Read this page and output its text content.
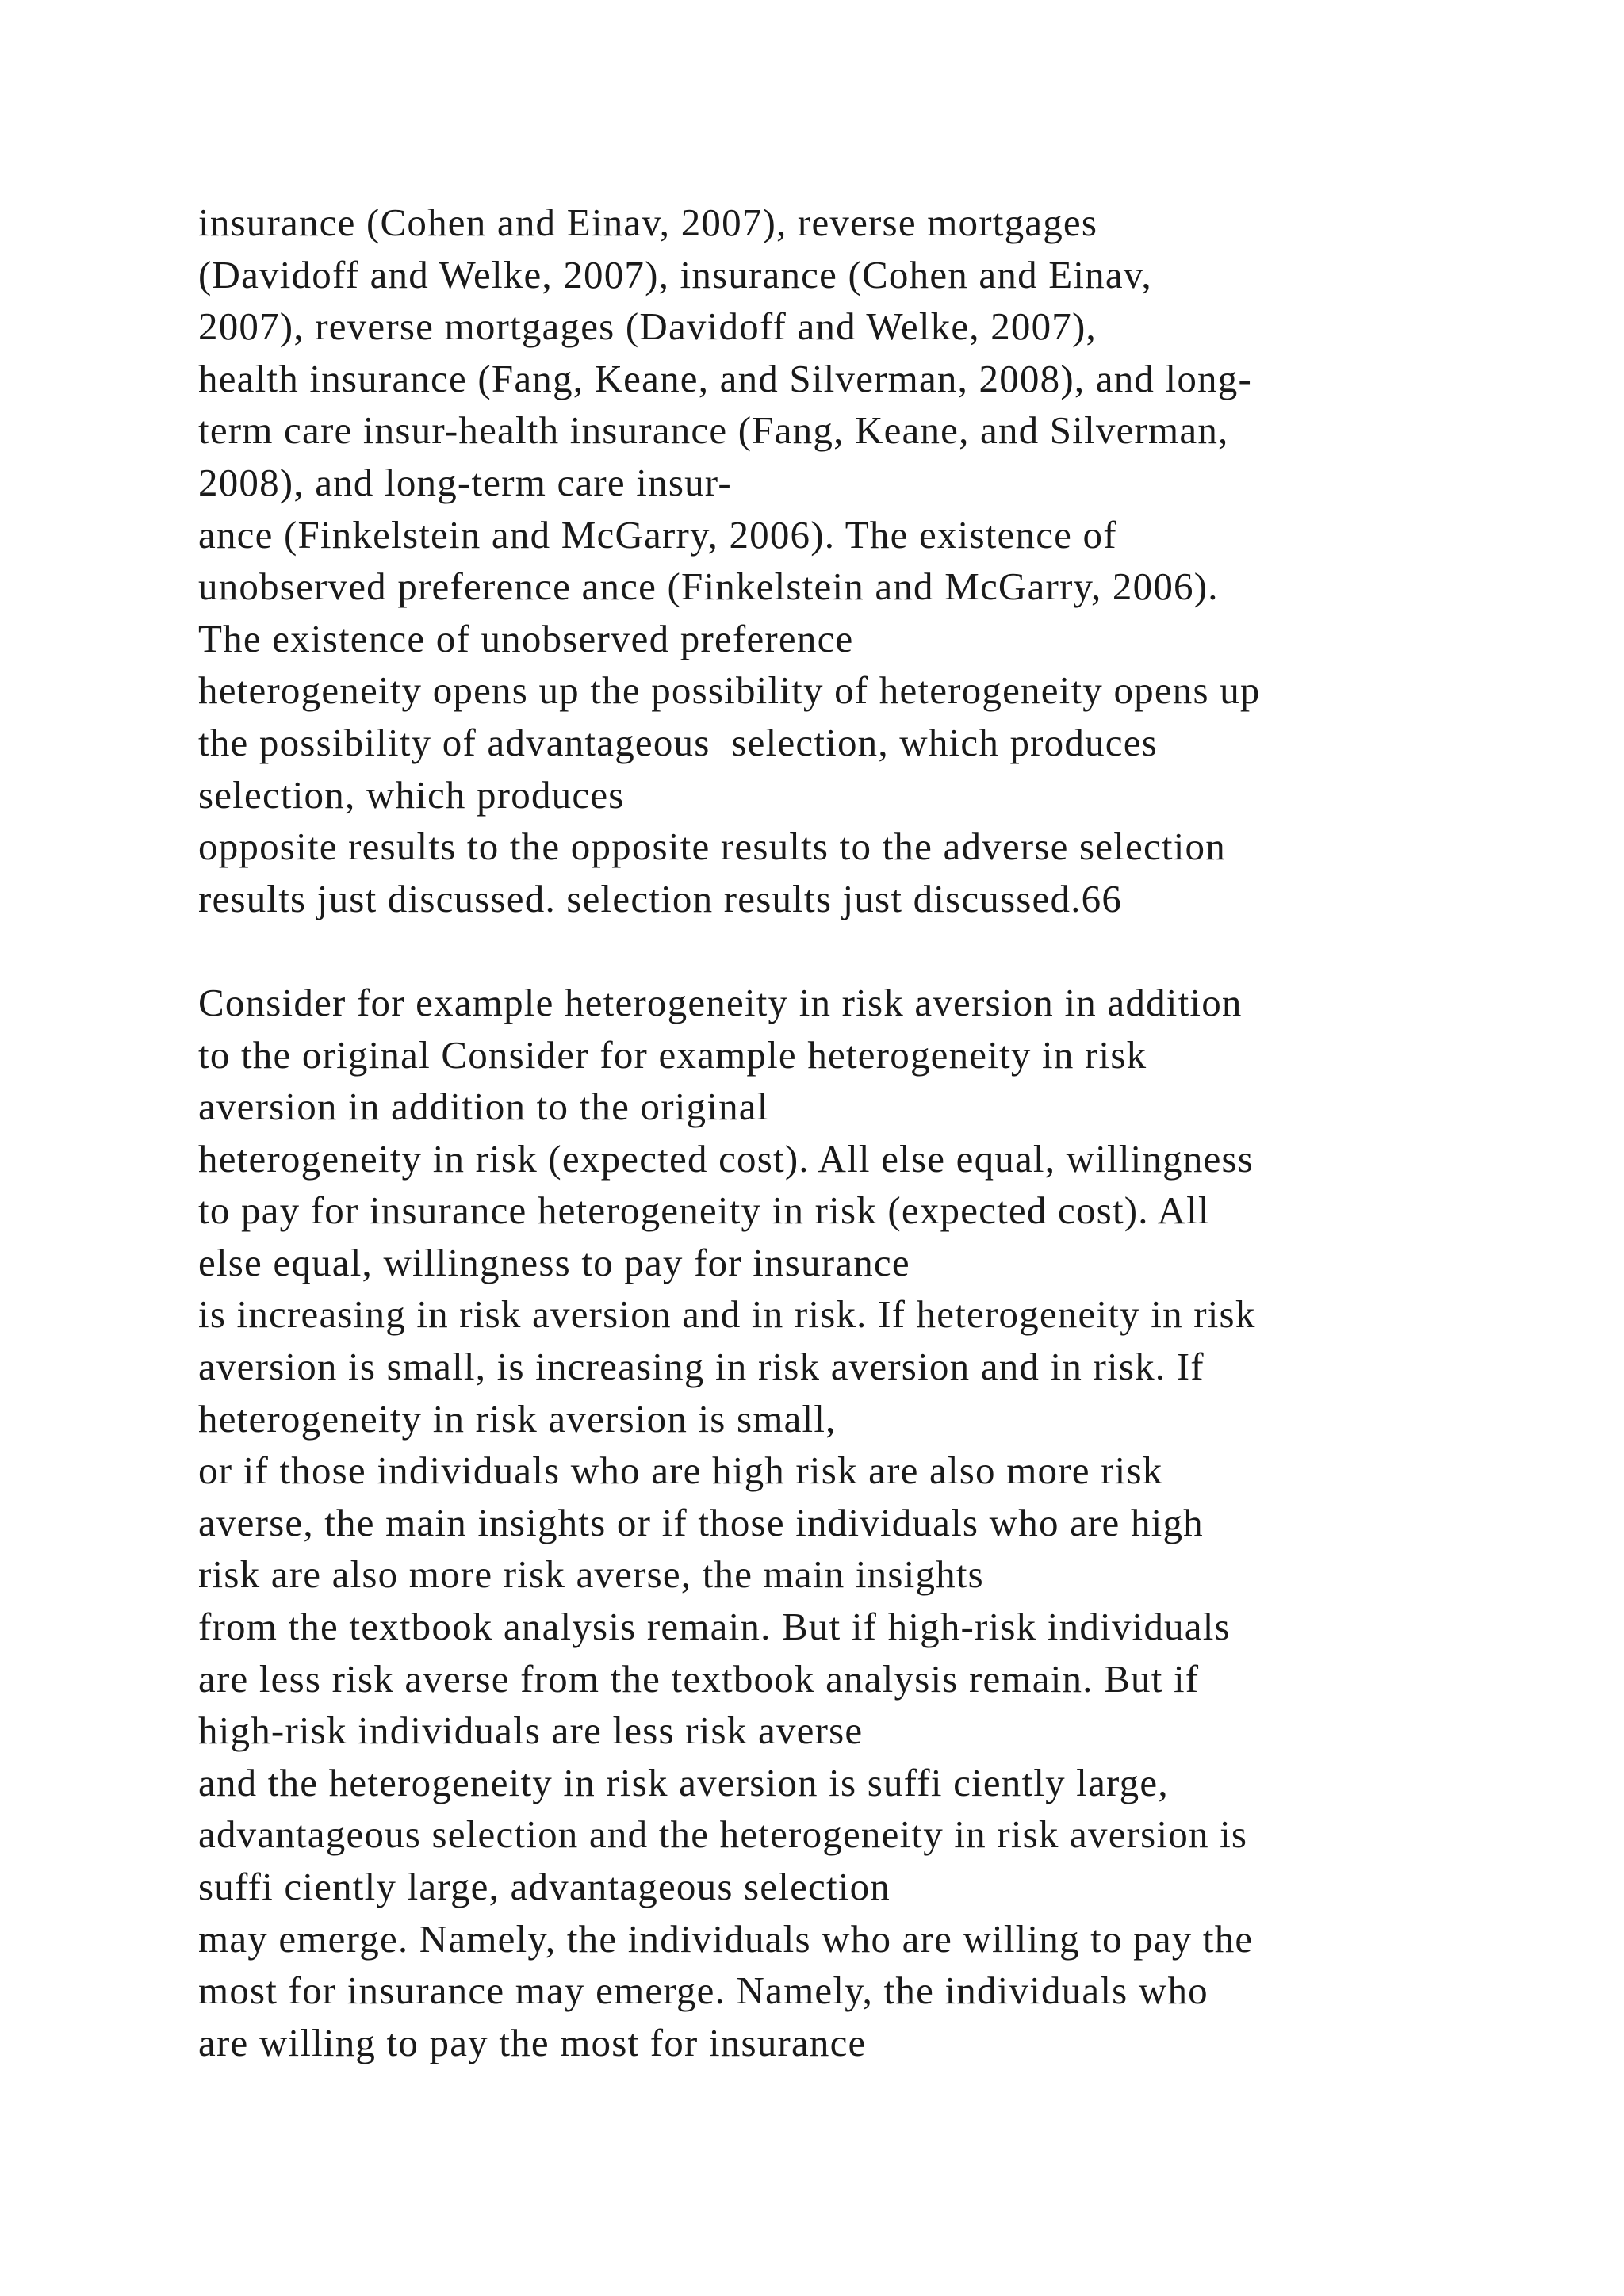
insurance (Cohen and Einav, 2007), reverse mortgages
(Davidoff and Welke, 2007), insurance (Cohen and Einav,
2007), reverse mortgages (Davidoff and Welke, 2007),
health insurance (Fang, Keane, and Silverman, 2008), and long-
term care insur-health insurance (Fang, Keane, and Silverman,
2008), and long-term care insur-
ance (Finkelstein and McGarry, 2006). The existence of
unobserved preference ance (Finkelstein and McGarry, 2006).
The existence of unobserved preference
heterogeneity opens up the possibility of heterogeneity opens up
the possibility of advantageous  selection, which produces
selection, which produces
opposite results to the opposite results to the adverse selection
results just discussed. selection results just discussed.66
Consider for example heterogeneity in risk aversion in addition
to the original Consider for example heterogeneity in risk
aversion in addition to the original
heterogeneity in risk (expected cost). All else equal, willingness
to pay for insurance heterogeneity in risk (expected cost). All
else equal, willingness to pay for insurance
is increasing in risk aversion and in risk. If heterogeneity in risk
aversion is small, is increasing in risk aversion and in risk. If
heterogeneity in risk aversion is small,
or if those individuals who are high risk are also more risk
averse, the main insights or if those individuals who are high
risk are also more risk averse, the main insights
from the textbook analysis remain. But if high-risk individuals
are less risk averse from the textbook analysis remain. But if
high-risk individuals are less risk averse
and the heterogeneity in risk aversion is suffi ciently large,
advantageous selection and the heterogeneity in risk aversion is
suffi ciently large, advantageous selection
may emerge. Namely, the individuals who are willing to pay the
most for insurance may emerge. Namely, the individuals who
are willing to pay the most for insurance
